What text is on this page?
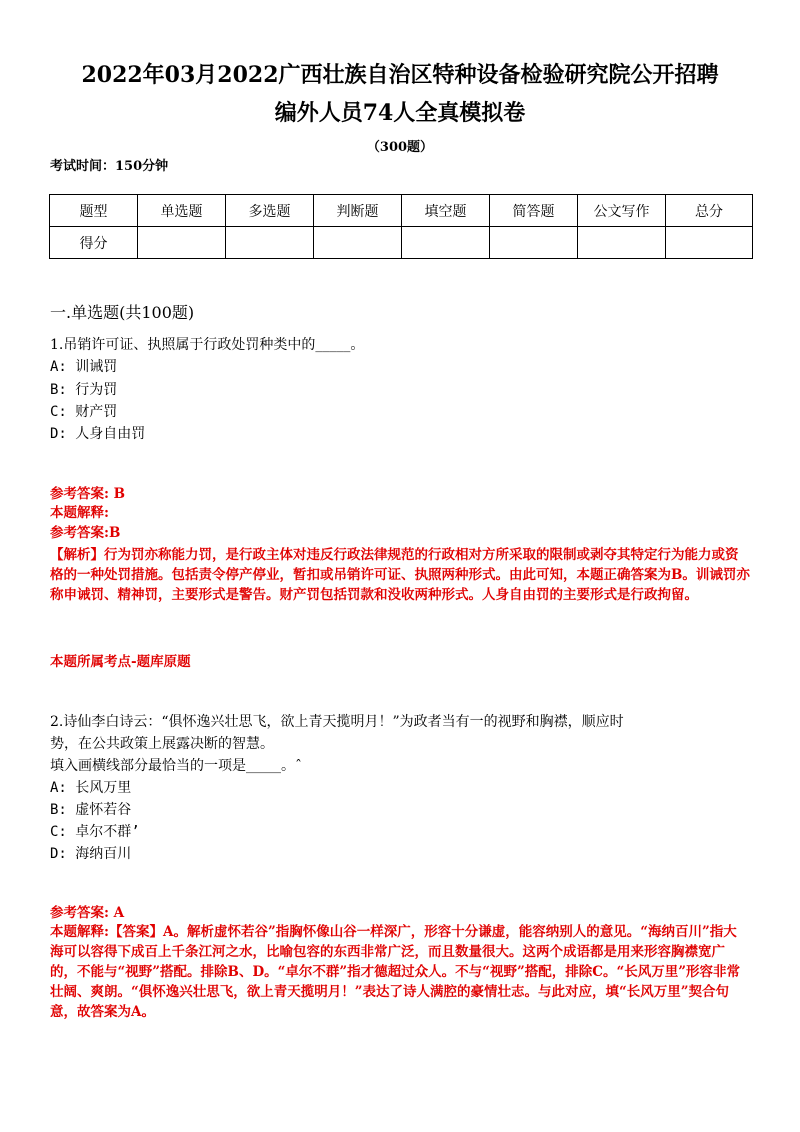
2022年03月2022广西壮族自治区特种设备检验研究院公开招聘
编外人员74人全真模拟卷
（300题）
考试时间：150分钟
题型	单选题	多选题	判断题	填空题	简答题	公文写作	总分
得分							
一.单选题(共100题)
1.吊销许可证、执照属于行政处罚种类中的_____。
A: 训诫罚
B: 行为罚
C: 财产罚
D: 人身自由罚
参考答案: B
本题解释:
参考答案:B
【解析】行为罚亦称能力罚，是行政主体对违反行政法律规范的行政相对方所采取的限制或剥夺其特定行为能力或资格的一种处罚措施。包括责令停产停业，暂扣或吊销许可证、执照两种形式。由此可知，本题正确答案为B。训诫罚亦称申诫罚、精神罚，主要形式是警告。财产罚包括罚款和没收两种形式。人身自由罚的主要形式是行政拘留。
本题所属考点-题库原题
2.诗仙李白诗云：“俱怀逸兴壮思飞，欲上青天揽明月！”为政者当有一的视野和胸襟，顺应时
势，在公共政策上展露决断的智慧。
填入画横线部分最恰当的一项是_____。ˆ
A: 长风万里
B: 虚怀若谷
C: 卓尔不群’
D: 海纳百川
参考答案: A
本题解释:【答案】A。解析虚怀若谷”指胸怀像山谷一样深广，形容十分谦虚，能容纳别人的意见。“海纳百川”指大海可以容得下成百上千条江河之水，比喻包容的东西非常广泛，而且数量很大。这两个成语都是用来形容胸襟宽广的，不能与“视野”搭配。排除B、D。“卓尔不群”指才德超过众人。不与“视野”搭配，排除C。“长风万里”形容非常壮阔、爽朗。“俱怀逸兴壮思飞，欲上青天揽明月！”表达了诗人满腔的豪情壮志。与此对应，填“长风万里”契合句意，故答案为A。
